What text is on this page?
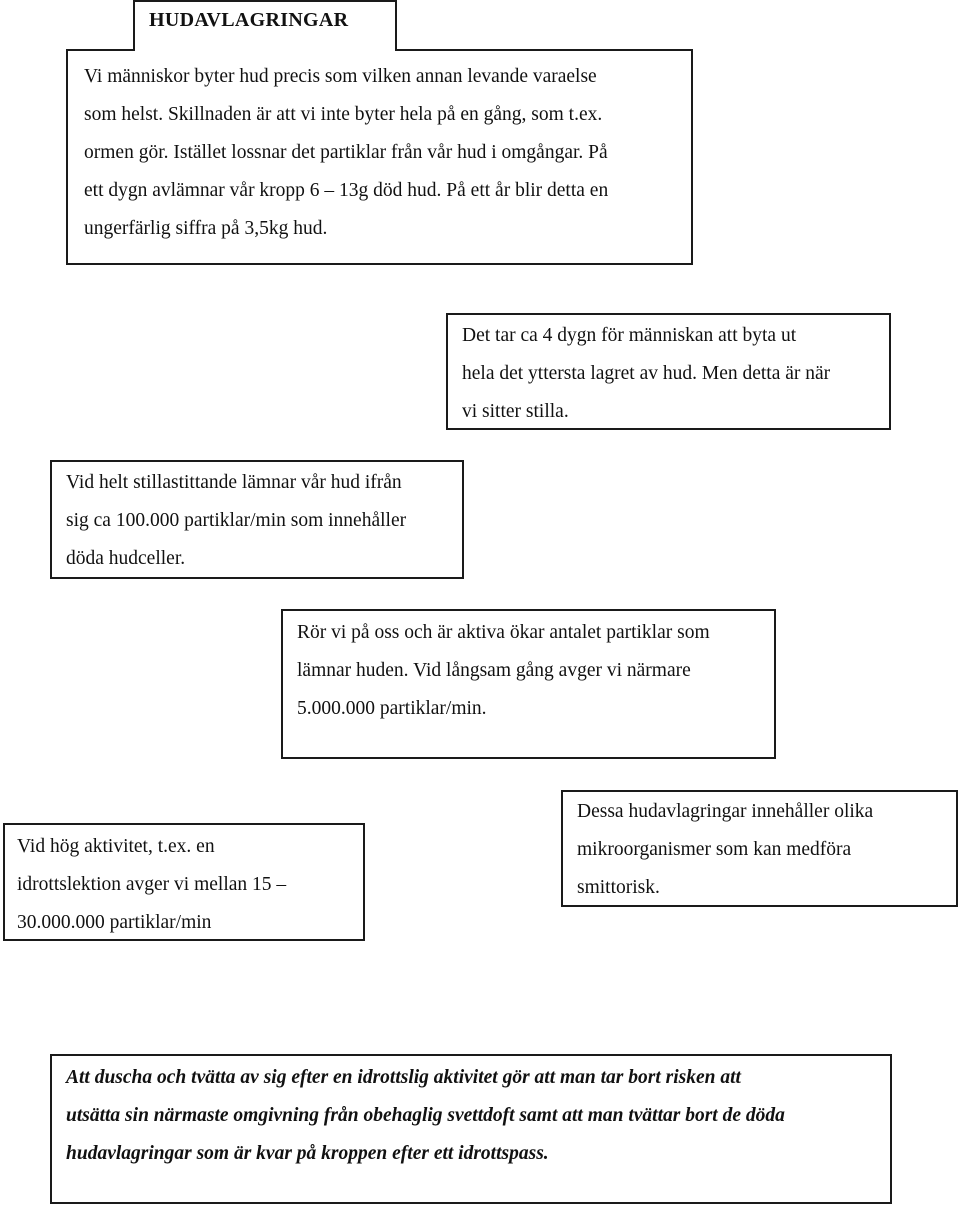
HUDAVLAGRINGAR
Vi människor byter hud precis som vilken annan levande varaelse
som helst. Skillnaden är att vi inte byter hela på en gång, som t.ex.
ormen gör. Istället lossnar det partiklar från vår hud i omgångar. På
ett dygn avlämnar vår kropp 6 – 13g död hud. På ett år blir detta en
ungerfärlig siffra på 3,5kg hud.
Det tar ca 4 dygn för människan att byta ut
hela det yttersta lagret av hud. Men detta är när
vi sitter stilla.
Vid helt stillastittande lämnar vår hud ifrån
sig ca 100.000 partiklar/min som innehåller
döda hudceller.
Rör vi på oss och är aktiva ökar antalet partiklar som
lämnar huden. Vid långsam gång avger vi närmare
5.000.000 partiklar/min.
Vid hög aktivitet, t.ex. en
idrottslektion avger vi mellan 15 –
30.000.000 partiklar/min
Dessa hudavlagringar innehåller olika
mikroorganismer som kan medföra
smittorisk.
Att duscha och tvätta av sig efter en idrottslig aktivitet gör att man tar bort risken att
utsätta sin närmaste omgivning från obehaglig svettdoft samt att man tvättar bort de döda
hudavlagringar som är kvar på kroppen efter ett idrottspass.
